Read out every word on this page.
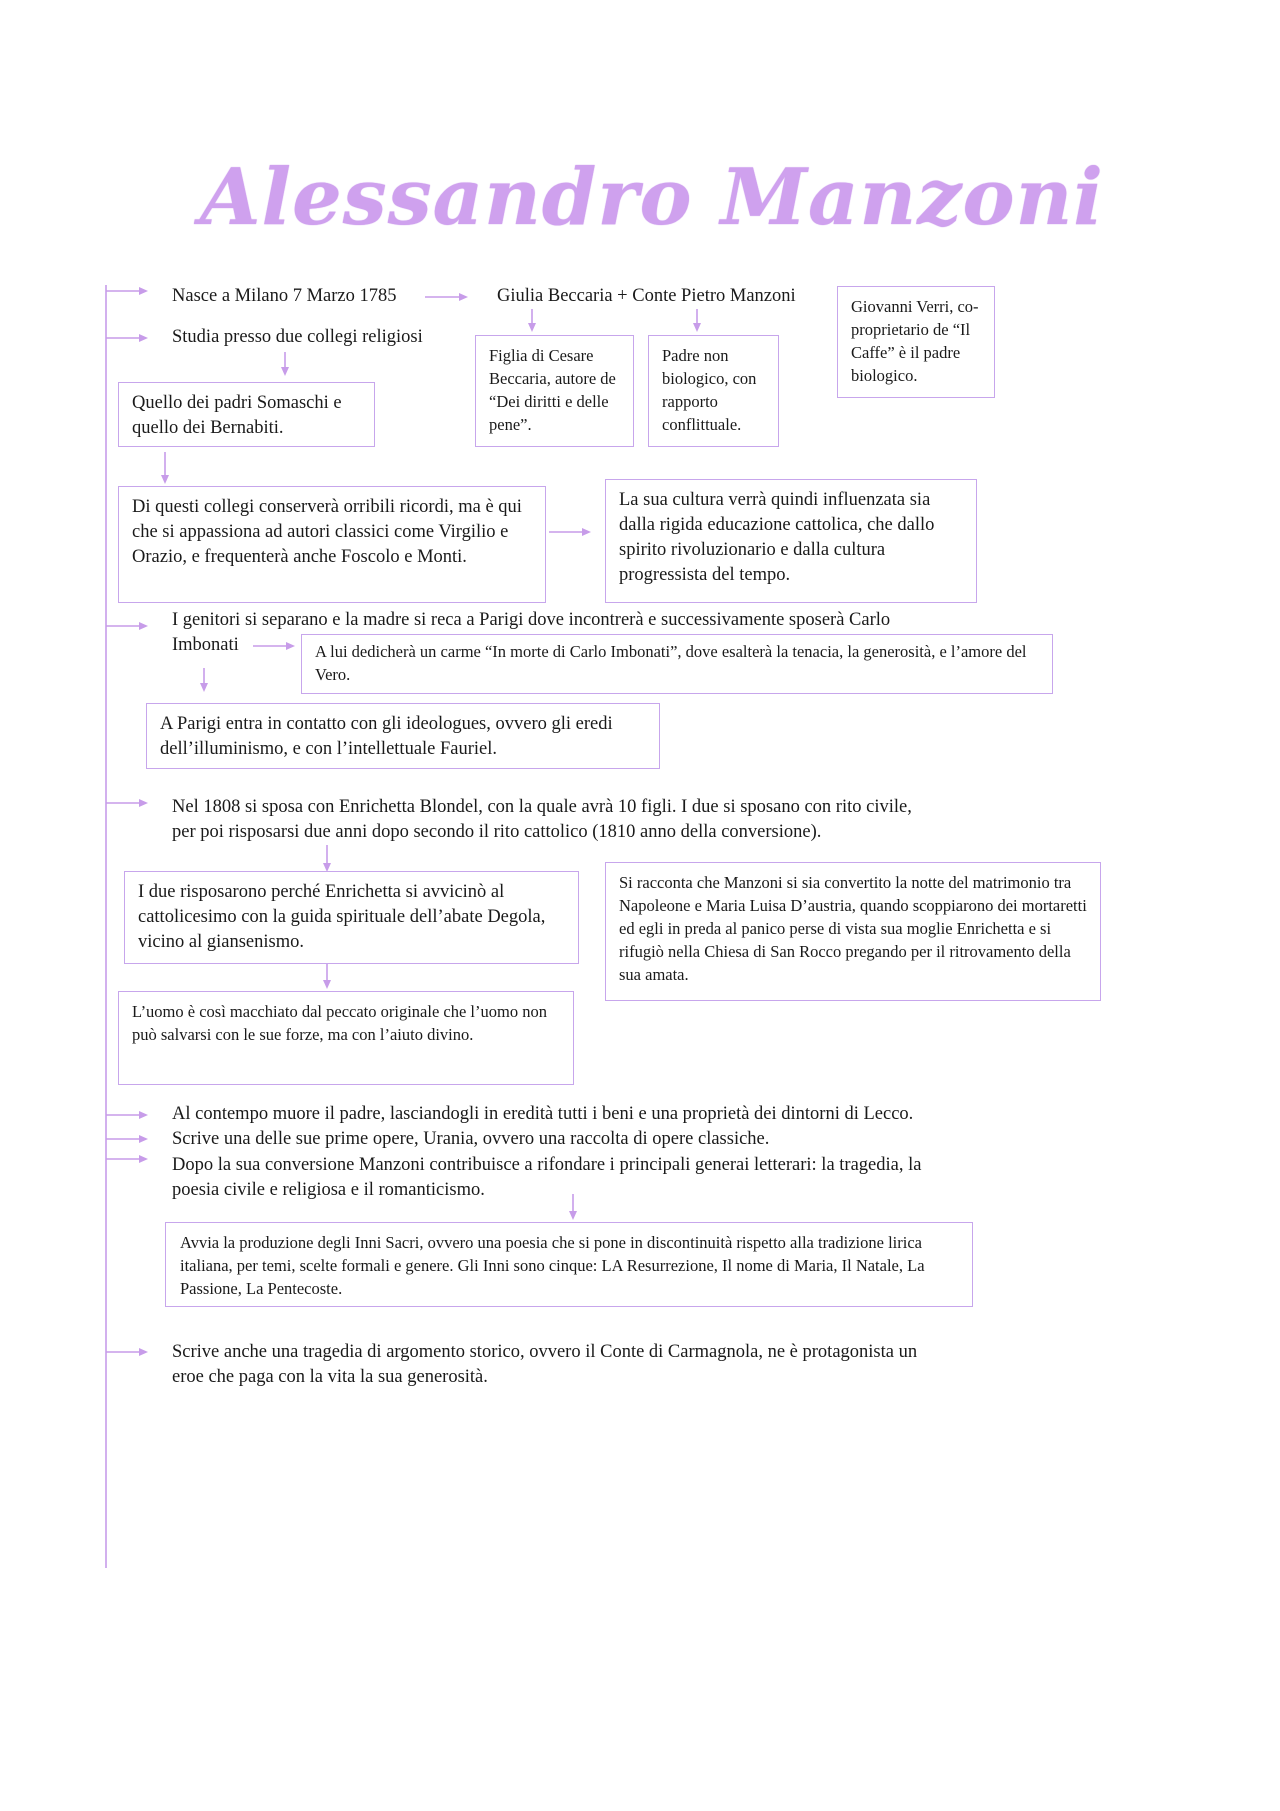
Alessandro Manzoni
Nasce a Milano 7 Marzo 1785	Giulia Beccaria + Conte Pietro Manzoni
Giovanni Verri, co-proprietario de “Il Caffe” è il padre biologico.
Studia presso due collegi religiosi
Figlia di Cesare Beccaria, autore de “Dei diritti e delle pene”.
Padre non biologico, con rapporto conflittuale.
Quello dei padri Somaschi e quello dei Bernabiti.
Di questi collegi conserverà orribili ricordi, ma è qui che si appassiona ad autori classici come Virgilio e Orazio, e frequenterà anche Foscolo e Monti.
La sua cultura verrà quindi influenzata sia dalla rigida educazione cattolica, che dallo spirito rivoluzionario e dalla cultura progressista del tempo.
I genitori si separano e la madre si reca a Parigi dove incontrerà e successivamente sposerà Carlo
Imbonati	A lui dedicherà un carme “In morte di Carlo Imbonati”, dove esalterà la tenacia, la generosità, e l’amore del Vero.
A Parigi entra in contatto con gli ideologues, ovvero gli eredi dell’illuminismo, e con l’intellettuale Fauriel.
Nel 1808 si sposa con Enrichetta Blondel, con la quale avrà 10 figli. I due si sposano con rito civile,
per poi risposarsi due anni dopo secondo il rito cattolico (1810 anno della conversione).
I due risposarono perché Enrichetta si avvicinò al cattolicesimo con la guida spirituale dell’abate Degola, vicino al giansenismo.
Si racconta che Manzoni si sia convertito la notte del matrimonio tra Napoleone e Maria Luisa D’austria, quando scoppiarono dei mortaretti ed egli in preda al panico perse di vista sua moglie Enrichetta e si rifugiò nella Chiesa di San Rocco pregando per il ritrovamento della sua amata.
L’uomo è così macchiato dal peccato originale che l’uomo non può salvarsi con le sue forze, ma con l’aiuto divino.
Al contempo muore il padre, lasciandogli in eredità tutti i beni e una proprietà dei dintorni di Lecco.
Scrive una delle sue prime opere, Urania, ovvero una raccolta di opere classiche.
Dopo la sua conversione Manzoni contribuisce a rifondare i principali generai letterari: la tragedia, la
poesia civile e religiosa e il romanticismo.
Avvia la produzione degli Inni Sacri, ovvero una poesia che si pone in discontinuità rispetto alla tradizione lirica italiana, per temi, scelte formali e genere. Gli Inni sono cinque: LA Resurrezione, Il nome di Maria, Il Natale, La Passione, La Pentecoste.
Scrive anche una tragedia di argomento storico, ovvero il Conte di Carmagnola, ne è protagonista un
eroe che paga con la vita la sua generosità.
